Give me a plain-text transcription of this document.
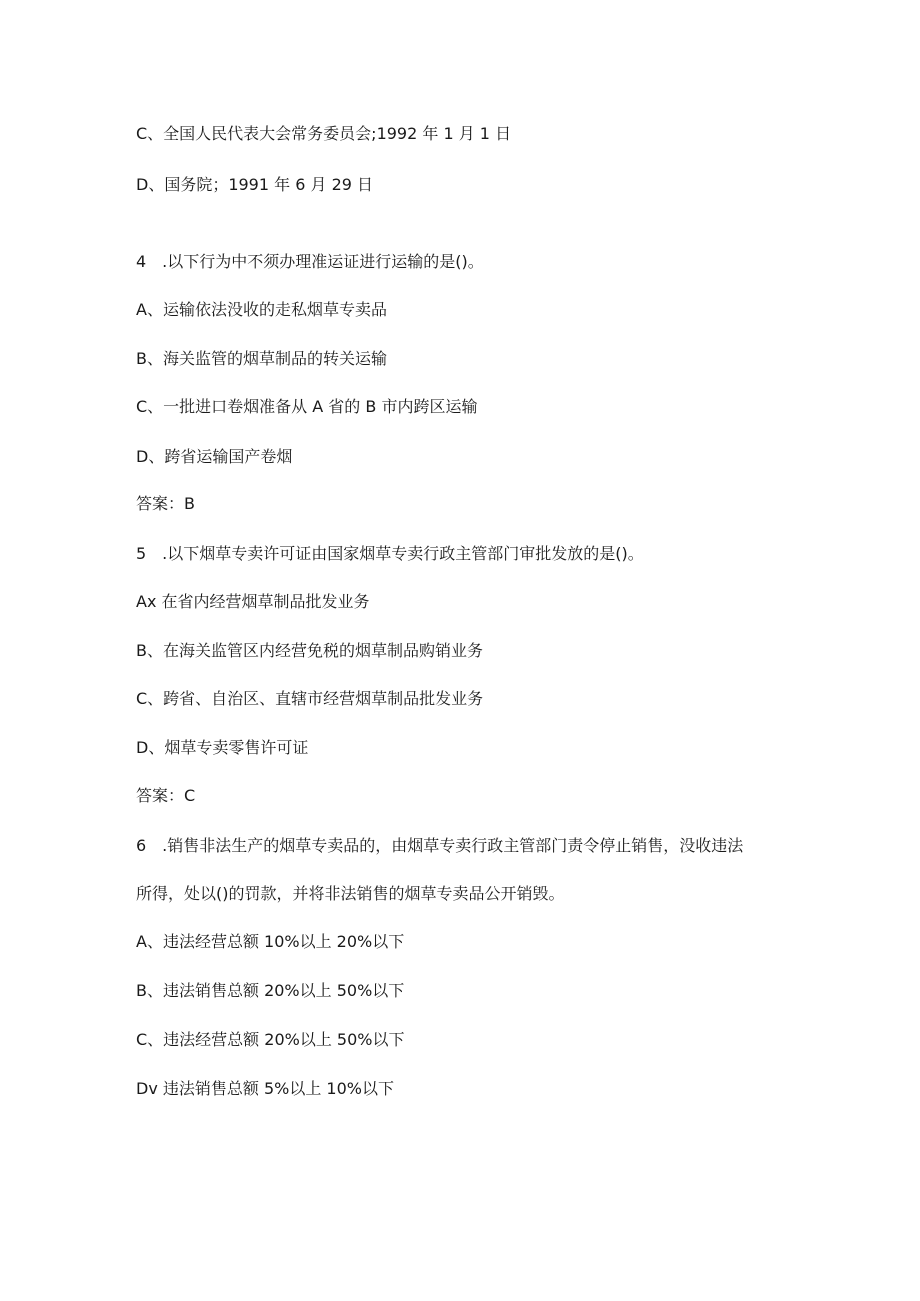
C、全国人民代表大会常务委员会;1992 年 1 月 1 日
D、国务院；1991 年 6 月 29 日
4　.以下行为中不须办理准运证进行运输的是()。
A、运输依法没收的走私烟草专卖品
B、海关监管的烟草制品的转关运输
C、一批进口卷烟准备从 A 省的 B 市内跨区运输
D、跨省运输国产卷烟
答案：B
5　.以下烟草专卖许可证由国家烟草专卖行政主管部门审批发放的是()。
Ax 在省内经营烟草制品批发业务
B、在海关监管区内经营免税的烟草制品购销业务
C、跨省、自治区、直辖市经营烟草制品批发业务
D、烟草专卖零售许可证
答案：C
6　.销售非法生产的烟草专卖品的，由烟草专卖行政主管部门责令停止销售，没收违法
所得，处以()的罚款，并将非法销售的烟草专卖品公开销毁。
A、违法经营总额 10%以上 20%以下
B、违法销售总额 20%以上 50%以下
C、违法经营总额 20%以上 50%以下
Dv 违法销售总额 5%以上 10%以下
